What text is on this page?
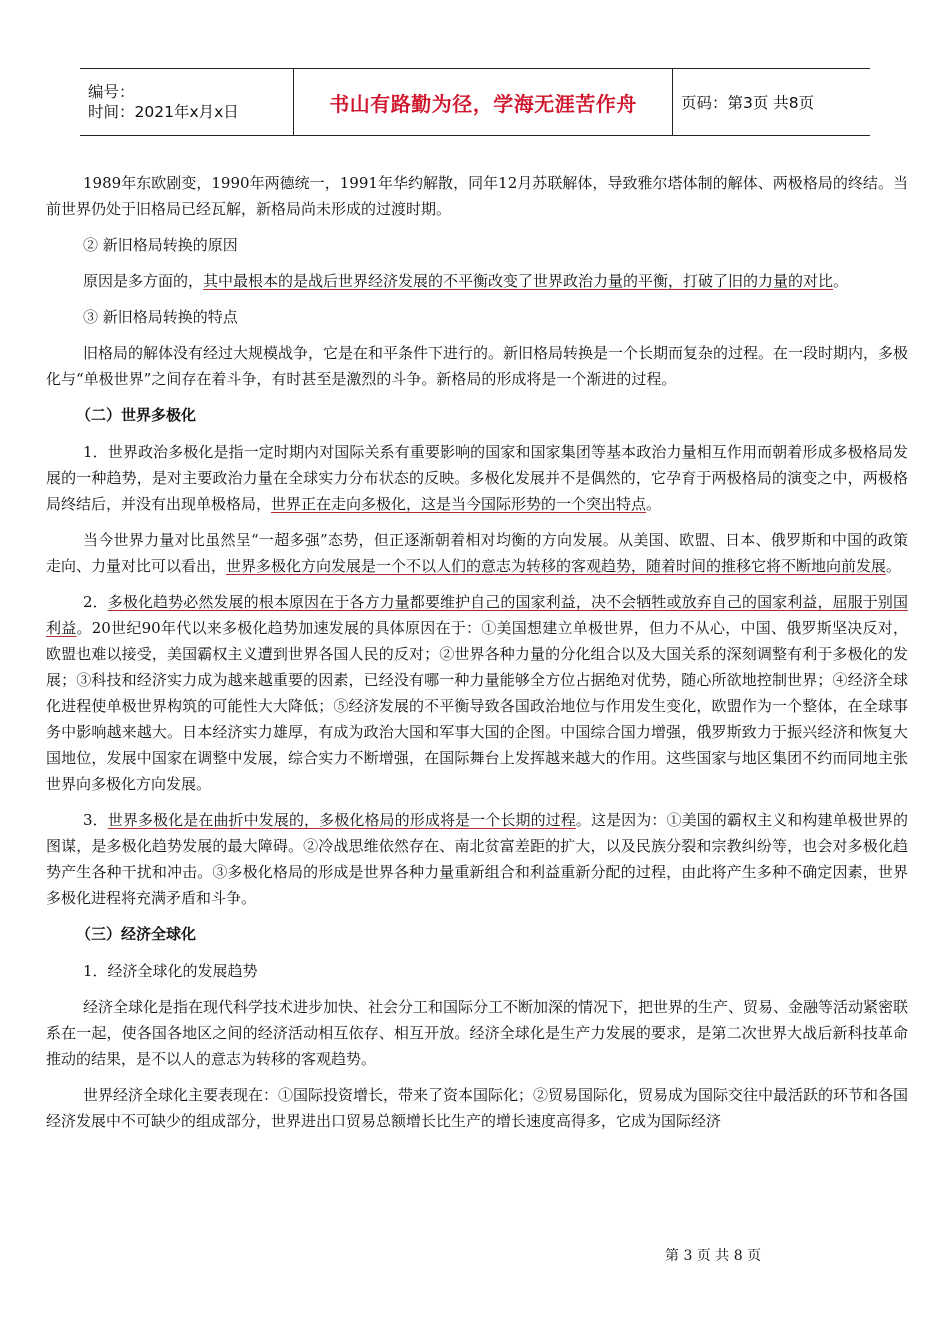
编号：
时间：2021年x月x日	书山有路勤为径，学海无涯苦作舟	页码：第3页 共8页

1989年东欧剧变，1990年两德统一，1991年华约解散，同年12月苏联解体，导致雅尔塔体制的解体、两极格局的终结。当前世界仍处于旧格局已经瓦解，新格局尚未形成的过渡时期。

② 新旧格局转换的原因

原因是多方面的，其中最根本的是战后世界经济发展的不平衡改变了世界政治力量的平衡，打破了旧的力量的对比。

③ 新旧格局转换的特点

旧格局的解体没有经过大规模战争，它是在和平条件下进行的。新旧格局转换是一个长期而复杂的过程。在一段时期内，多极化与“单极世界”之间存在着斗争，有时甚至是激烈的斗争。新格局的形成将是一个渐进的过程。

（二）世界多极化

1．世界政治多极化是指一定时期内对国际关系有重要影响的国家和国家集团等基本政治力量相互作用而朝着形成多极格局发展的一种趋势，是对主要政治力量在全球实力分布状态的反映。多极化发展并不是偶然的，它孕育于两极格局的演变之中，两极格局终结后，并没有出现单极格局，世界正在走向多极化，这是当今国际形势的一个突出特点。

当今世界力量对比虽然呈“一超多强”态势，但正逐渐朝着相对均衡的方向发展。从美国、欧盟、日本、俄罗斯和中国的政策走向、力量对比可以看出，世界多极化方向发展是一个不以人们的意志为转移的客观趋势，随着时间的推移它将不断地向前发展。

2．多极化趋势必然发展的根本原因在于各方力量都要维护自己的国家利益，决不会牺牲或放弃自己的国家利益，屈服于别国利益。20世纪90年代以来多极化趋势加速发展的具体原因在于：①美国想建立单极世界，但力不从心，中国、俄罗斯坚决反对，欧盟也难以接受，美国霸权主义遭到世界各国人民的反对；②世界各种力量的分化组合以及大国关系的深刻调整有利于多极化的发展；③科技和经济实力成为越来越重要的因素，已经没有哪一种力量能够全方位占据绝对优势，随心所欲地控制世界；④经济全球化进程使单极世界构筑的可能性大大降低；⑤经济发展的不平衡导致各国政治地位与作用发生变化，欧盟作为一个整体，在全球事务中影响越来越大。日本经济实力雄厚，有成为政治大国和军事大国的企图。中国综合国力增强，俄罗斯致力于振兴经济和恢复大国地位，发展中国家在调整中发展，综合实力不断增强，在国际舞台上发挥越来越大的作用。这些国家与地区集团不约而同地主张世界向多极化方向发展。

3．世界多极化是在曲折中发展的，多极化格局的形成将是一个长期的过程。这是因为：①美国的霸权主义和构建单极世界的图谋，是多极化趋势发展的最大障碍。②冷战思维依然存在、南北贫富差距的扩大，以及民族分裂和宗教纠纷等，也会对多极化趋势产生各种干扰和冲击。③多极化格局的形成是世界各种力量重新组合和利益重新分配的过程，由此将产生多种不确定因素，世界多极化进程将充满矛盾和斗争。

（三）经济全球化

1．经济全球化的发展趋势

经济全球化是指在现代科学技术进步加快、社会分工和国际分工不断加深的情况下，把世界的生产、贸易、金融等活动紧密联系在一起，使各国各地区之间的经济活动相互依存、相互开放。经济全球化是生产力发展的要求，是第二次世界大战后新科技革命推动的结果，是不以人的意志为转移的客观趋势。

世界经济全球化主要表现在：①国际投资增长，带来了资本国际化；②贸易国际化，贸易成为国际交往中最活跃的环节和各国经济发展中不可缺少的组成部分，世界进出口贸易总额增长比生产的增长速度高得多，它成为国际经济

第 3 页 共 8 页
